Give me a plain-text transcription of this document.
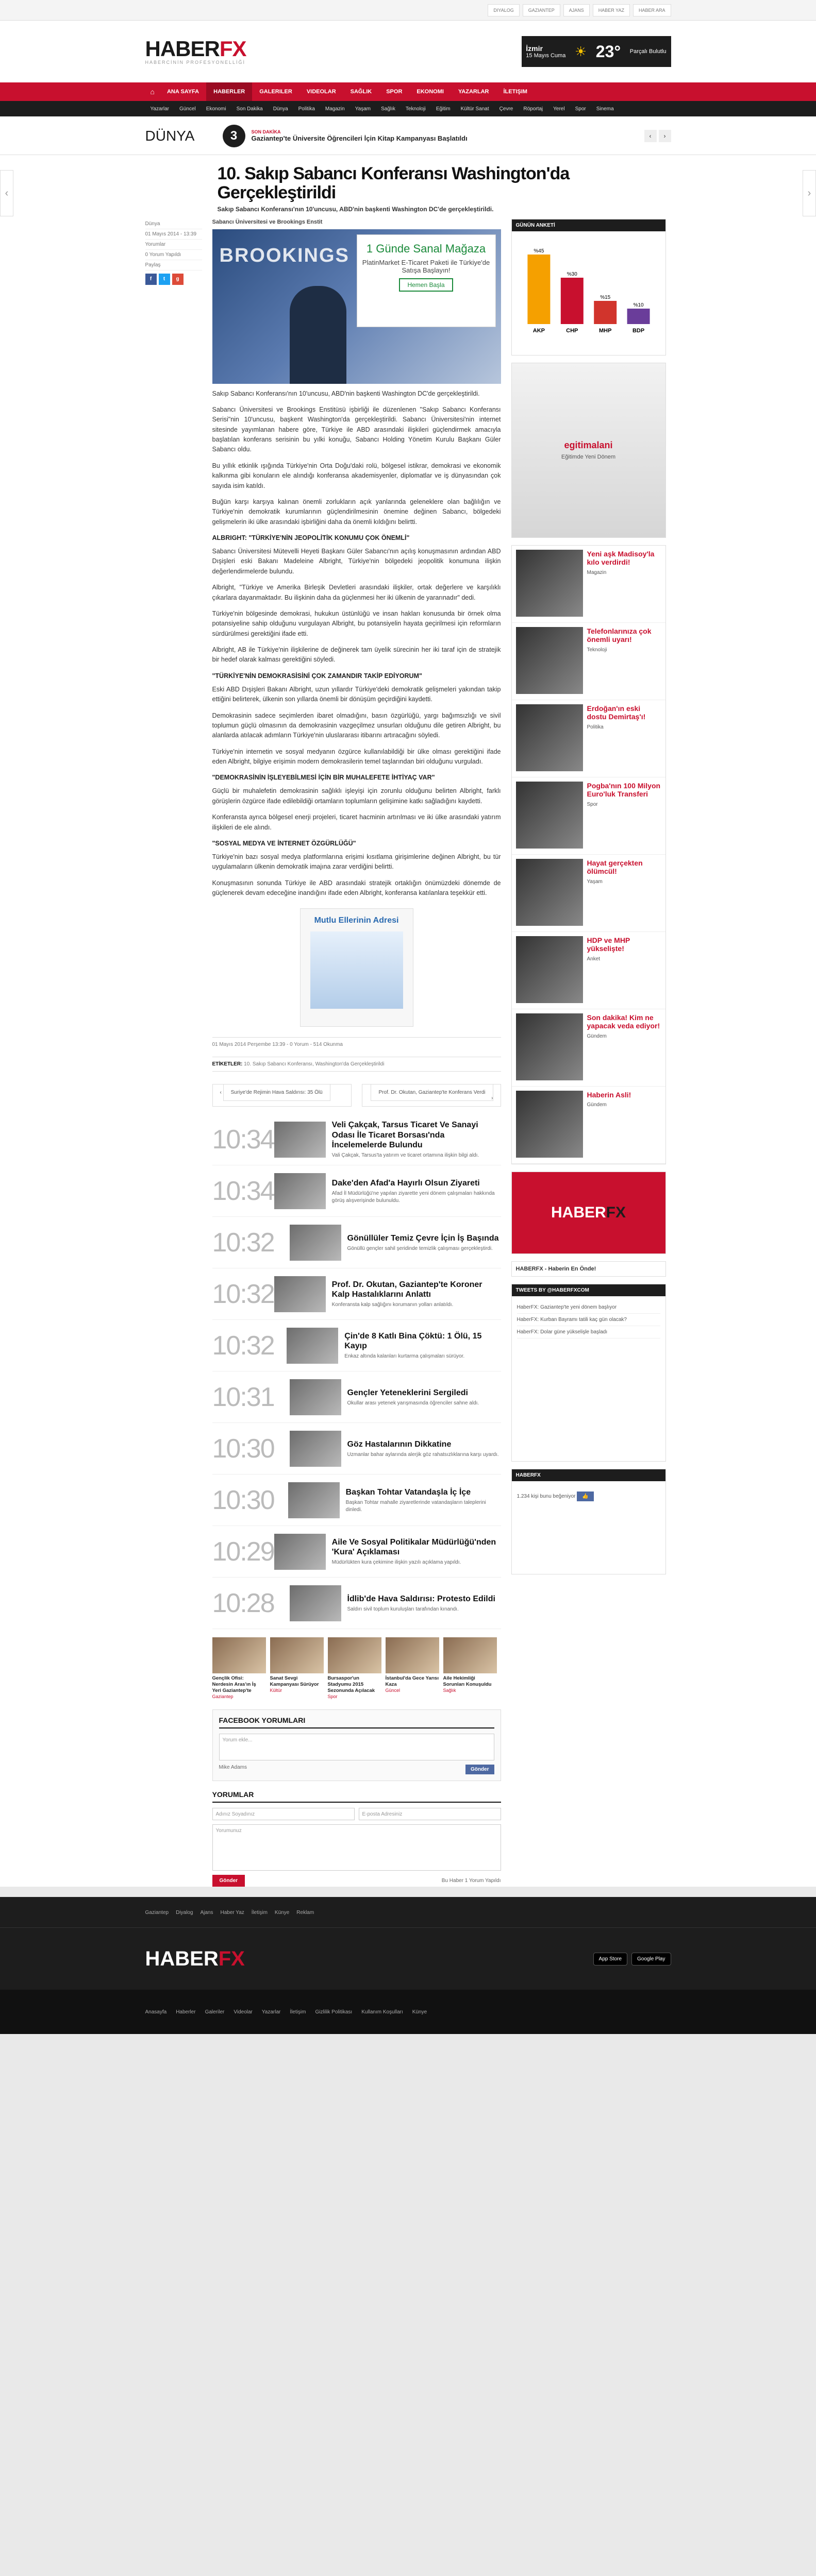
DIYALOG	GAZIANTEP	AJANS	HABER YAZ	HABER ARA
HABERFX
HABERCİNİN PROFESYONELLİĞİ
İzmir
15 Mayıs Cuma ☀ 23° Parçalı Bulutlu
⌂	ANA SAYFA	HABERLER	GALERILER	VIDEOLAR	SAĞLIK	SPOR	EKONOMI	YAZARLAR	İLETIŞIM
Yazarlar	Güncel	Ekonomi	Son Dakika	Dünya	Politika	Magazin	Yaşam	Sağlık	Teknoloji	Eğitim	Kültür Sanat	Çevre	Röportaj	Yerel	Spor	Sinema
DÜNYA	3	SON DAKİKA
Gaziantep'te Üniversite Öğrencileri İçin Kitap Kampanyası Başlatıldı	‹	›
‹	›
10. Sakıp Sabancı Konferansı Washington'da Gerçekleştirildi
Sakıp Sabancı Konferansı'nın 10'uncusu, ABD'nin başkenti Washington DC'de gerçekleştirildi.
Dünya
01 Mayıs 2014 - 13:39
Yorumlar
0 Yorum Yapıldı
Paylaş
f	t	g
Sabancı Üniversitesi ve Brookings Enstit
BROOKINGS	1 Günde Sanal Mağaza
PlatinMarket E-Ticaret Paketi ile Türkiye'de Satışa Başlayın!
Hemen Başla

Sakıp Sabancı Konferansı'nın 10'uncusu, ABD'nin başkenti Washington DC'de gerçekleştirildi.

Sabancı Üniversitesi ve Brookings Enstitüsü işbirliği ile düzenlenen "Sakıp Sabancı Konferansı Serisi"nin 10'uncusu, başkent Washington'da gerçekleştirildi. Sabancı Üniversitesi'nin internet sitesinde yayımlanan habere göre, Türkiye ile ABD arasındaki ilişkileri güçlendirmek amacıyla başlatılan konferans serisinin bu yılki konuğu, Sabancı Holding Yönetim Kurulu Başkanı Güler Sabancı oldu.

Bu yıllık etkinlik ışığında Türkiye'nin Orta Doğu'daki rolü, bölgesel istikrar, demokrasi ve ekonomik kalkınma gibi konuların ele alındığı konferansa akademisyenler, diplomatlar ve iş dünyasından çok sayıda isim katıldı.

Buğün karşı karşıya kalınan önemli zorlukların açık yanlarında geleneklere olan bağlılığın ve Türkiye'nin demokratik kurumlarının güçlendirilmesinin önemine değinen Sabancı, bölgedeki gelişmelerin iki ülke arasındaki işbirliğini daha da önemli kıldığını belirtti.

ALBRIGHT: "TÜRKİYE'NİN JEOPOLİTİK KONUMU ÇOK ÖNEMLİ"

Sabancı Üniversitesi Mütevelli Heyeti Başkanı Güler Sabancı'nın açılış konuşmasının ardından ABD Dışişleri eski Bakanı Madeleine Albright, Türkiye'nin bölgedeki jeopolitik konumuna ilişkin değerlendirmelerde bulundu.

Albright, "Türkiye ve Amerika Birleşik Devletleri arasındaki ilişkiler, ortak değerlere ve karşılıklı çıkarlara dayanmaktadır. Bu ilişkinin daha da güçlenmesi her iki ülkenin de yararınadır" dedi.

Türkiye'nin bölgesinde demokrasi, hukukun üstünlüğü ve insan hakları konusunda bir örnek olma potansiyeline sahip olduğunu vurgulayan Albright, bu potansiyelin hayata geçirilmesi için reformların sürdürülmesi gerektiğini ifade etti.

Albright, AB ile Türkiye'nin ilişkilerine de değinerek tam üyelik sürecinin her iki taraf için de stratejik bir hedef olarak kalması gerektiğini söyledi.

"TÜRKİYE'NİN DEMOKRASİSİNİ ÇOK ZAMANDIR TAKİP EDİYORUM"

Eski ABD Dışişleri Bakanı Albright, uzun yıllardır Türkiye'deki demokratik gelişmeleri yakından takip ettiğini belirterek, ülkenin son yıllarda önemli bir dönüşüm geçirdiğini kaydetti.

Demokrasinin sadece seçimlerden ibaret olmadığını, basın özgürlüğü, yargı bağımsızlığı ve sivil toplumun güçlü olmasının da demokrasinin vazgeçilmez unsurları olduğunu dile getiren Albright, bu alanlarda atılacak adımların Türkiye'nin uluslararası itibarını artıracağını söyledi.

Türkiye'nin internetin ve sosyal medyanın özgürce kullanılabildiği bir ülke olması gerektiğini ifade eden Albright, bilgiye erişimin modern demokrasilerin temel taşlarından biri olduğunu vurguladı.

"DEMOKRASİNİN İŞLEYEBİLMESİ İÇİN BİR MUHALEFETE İHTİYAÇ VAR"

Güçlü bir muhalefetin demokrasinin sağlıklı işleyişi için zorunlu olduğunu belirten Albright, farklı görüşlerin özgürce ifade edilebildiği ortamların toplumların gelişimine katkı sağladığını kaydetti.

Konferansta ayrıca bölgesel enerji projeleri, ticaret hacminin artırılması ve iki ülke arasındaki yatırım ilişkileri de ele alındı.

"SOSYAL MEDYA VE İNTERNET ÖZGÜRLÜĞÜ"

Türkiye'nin bazı sosyal medya platformlarına erişimi kısıtlama girişimlerine değinen Albright, bu tür uygulamaların ülkenin demokratik imajına zarar verdiğini belirtti.

Konuşmasının sonunda Türkiye ile ABD arasındaki stratejik ortaklığın önümüzdeki dönemde de güçlenerek devam edeceğine inandığını ifade eden Albright, konferansa katılanlara teşekkür etti.

Mutlu Ellerinin Adresi
01 Mayıs 2014 Perşembe 13:39 - 0 Yorum - 514 Okunma
ETİKETLER: 10. Sakıp Sabancı Konferansı, Washington'da Gerçekleştirildi
‹ Suriye'de Rejimin Hava Saldırısı: 35 Ölü	Prof. Dr. Okutan, Gaziantep'te Konferans Verdi ›
10:34	Veli Çakçak, Tarsus Ticaret Ve Sanayi Odası İle Ticaret Borsası'nda İncelemelerde Bulundu
Vali Çakçak, Tarsus'ta yatırım ve ticaret ortamına ilişkin bilgi aldı.
10:34	Dake'den Afad'a Hayırlı Olsun Ziyareti
Afad İl Müdürlüğü'ne yapılan ziyarette yeni dönem çalışmaları hakkında görüş alışverişinde bulunuldu.
10:32	Gönüllüler Temiz Çevre İçin İş Başında
Gönüllü gençler sahil şeridinde temizlik çalışması gerçekleştirdi.
10:32	Prof. Dr. Okutan, Gaziantep'te Koroner Kalp Hastalıklarını Anlattı
Konferansta kalp sağlığını korumanın yolları anlatıldı.
10:32	Çin'de 8 Katlı Bina Çöktü: 1 Ölü, 15 Kayıp
Enkaz altında kalanları kurtarma çalışmaları sürüyor.
10:31	Gençler Yeteneklerini Sergiledi
Okullar arası yetenek yarışmasında öğrenciler sahne aldı.
10:30	Göz Hastalarının Dikkatine
Uzmanlar bahar aylarında alerjik göz rahatsızlıklarına karşı uyardı.
10:30	Başkan Tohtar Vatandaşla İç İçe
Başkan Tohtar mahalle ziyaretlerinde vatandaşların taleplerini dinledi.
10:29	Aile Ve Sosyal Politikalar Müdürlüğü'nden 'Kura' Açıklaması
Müdürlükten kura çekimine ilişkin yazılı açıklama yapıldı.
10:28	İdlib'de Hava Saldırısı: Protesto Edildi
Saldırı sivil toplum kuruluşları tarafından kınandı.
Gençlik Ofisi: Nerdesin Aras'ın İş Yeri Gaziantep'te
Gaziantep
Sanat Sevgi Kampanyası Sürüyor
Kültür
Bursaspor'un Stadyumu 2015 Sezonunda Açılacak
Spor
İstanbul'da Gece Yarısı Kaza
Güncel
Aile Hekimliği Sorunları Konuşuldu
Sağlık
FACEBOOK YORUMLARI
Yorum ekle...
Mike Adams	Gönder
YORUMLAR
Adınız Soyadınız	E-posta Adresiniz
Yorumunuz
Gönder	Bu Haber 1 Yorum Yapıldı
GÜNÜN ANKETİ
%45
AKP
%30
CHP
%15
MHP
%10
BDP
egitimalani
Eğitimde Yeni Dönem
Yeni aşk Madisoy'la kılo verdirdi!
Magazin
Telefonlarınıza çok önemli uyarı!
Teknoloji
Erdoğan'ın eski dostu Demirtaş'ı!
Politika
Pogba'nın 100 Milyon Euro'luk Transferi
Spor
Hayat gerçekten ölümcül!
Yaşam
HDP ve MHP yükselişte!
Anket
Son dakika! Kim ne yapacak veda ediyor!
Gündem
Haberin Asli!
Gündem
HABER FX
HABERFX - Haberin En Önde!
TWEETS BY @HABERFXCOM
HaberFX: Gaziantep'te yeni dönem başlıyor
HaberFX: Kurban Bayramı tatili kaç gün olacak?
HaberFX: Dolar güne yükselişle başladı
HABERFX
1.234 kişi bunu beğeniyor 👍
Gaziantep Diyalog Ajans Haber Yaz İletişim Künye Reklam
HABERFX	App Store	Google Play
Anasayfa Haberler Galeriler Videolar Yazarlar İletişim Gizlilik Politikası Kullanım Koşulları Künye
